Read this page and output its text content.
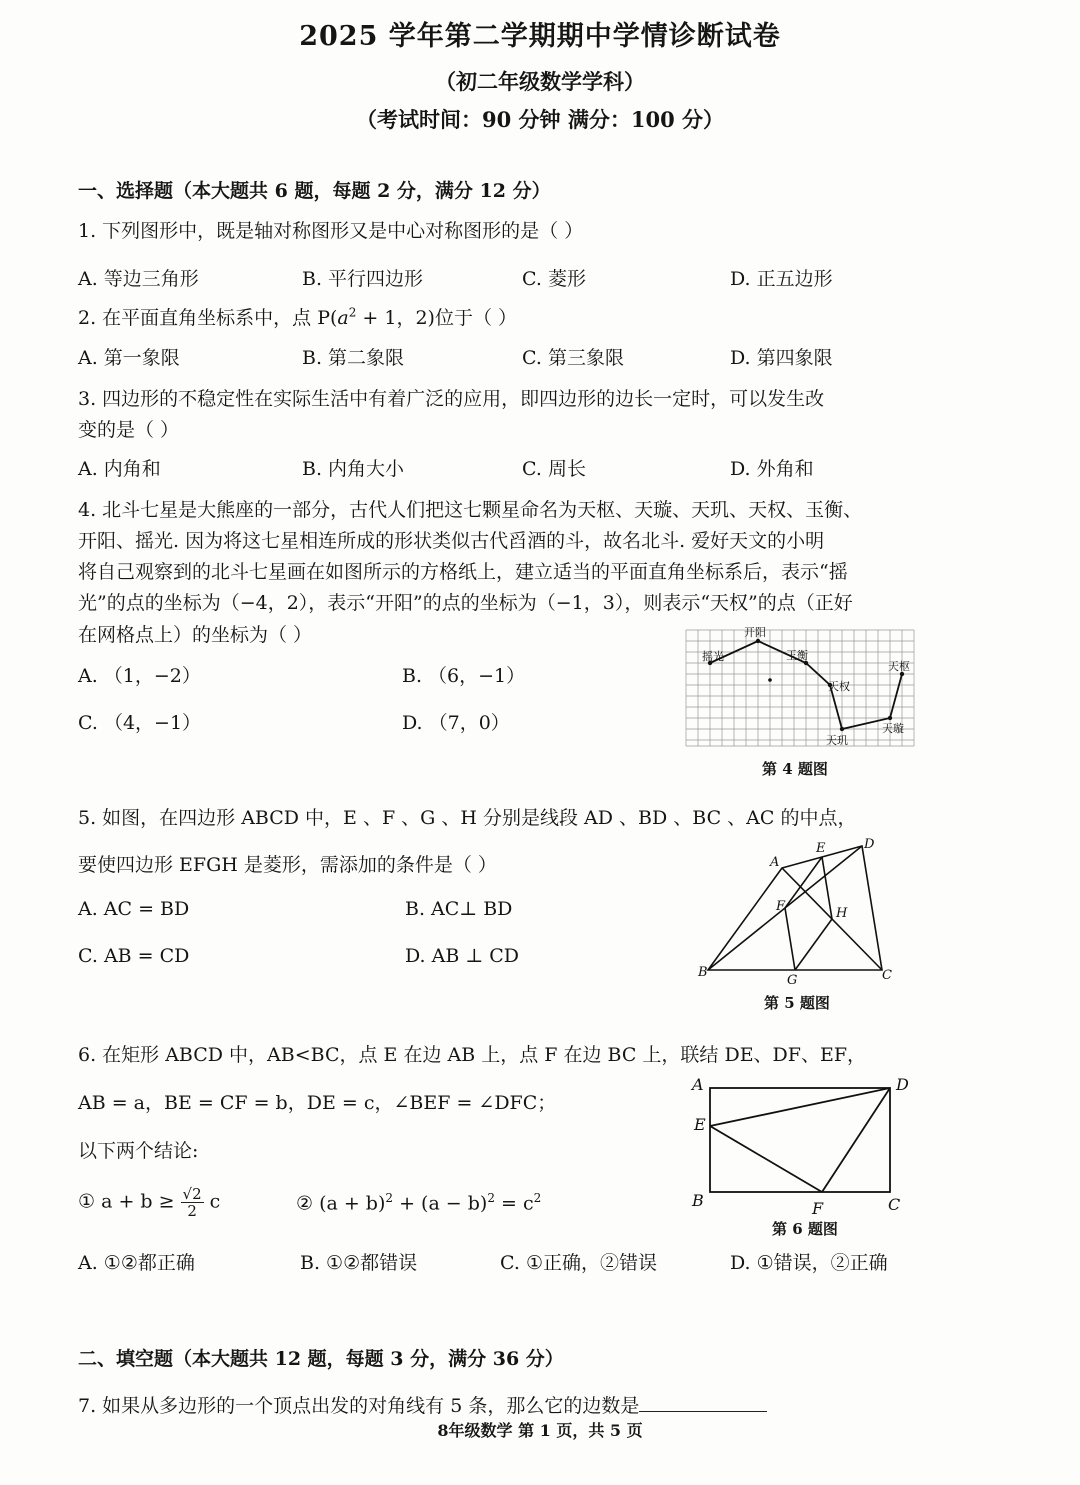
2025 学年第二学期期中学情诊断试卷
（初二年级数学学科）
（考试时间：90 分钟 满分：100 分）
一、选择题（本大题共 6 题，每题 2 分，满分 12 分）
1. 下列图形中，既是轴对称图形又是中心对称图形的是（ ）
A. 等边三角形	B. 平行四边形	C. 菱形	D. 正五边形
2. 在平面直角坐标系中，点 $P(a^2 + 1$，2)位于（ ）
A. 第一象限	B. 第二象限	C. 第三象限	D. 第四象限
3. 四边形的不稳定性在实际生活中有着广泛的应用，即四边形的边长一定时，可以发生改
变的是（ ）
A. 内角和	B. 内角大小	C. 周长	D. 外角和
4. 北斗七星是大熊座的一部分，古代人们把这七颗星命名为天枢、天璇、天玑、天权、玉衡、
开阳、摇光. 因为将这七星相连所成的形状类似古代舀酒的斗，故名北斗. 爱好天文的小明
将自己观察到的北斗七星画在如图所示的方格纸上，建立适当的平面直角坐标系后，表示“摇
光”的点的坐标为（−4，2），表示“开阳”的点的坐标为（−1，3），则表示“天权”的点（正好
在网格点上）的坐标为（ ）
A. （1，−2）	B. （6，−1）
C. （4，−1）	D. （7，0）
开阳
摇光	玉衡
天枢
天权
天玑
天璇
第 4 题图
5. 如图，在四边形 ABCD 中，E 、F 、G 、H 分别是线段 AD 、BD 、BC 、AC 的中点，
要使四边形 EFGH 是菱形，需添加的条件是（ ）
A. AC = BD	B. AC⊥ BD
C. AB = CD	D. AB ⊥ CD
A
B	C
D
E
F
G
H
第 5 题图
6. 在矩形 ABCD 中，AB<BC，点 E 在边 AB 上，点 F 在边 BC 上，联结 DE、DF、EF，
AB = a，BE = CF = b，DE = c，∠BEF = ∠DFC；
以下两个结论:
① $a + b \ge \frac{√2}{2}$ c	② $(a + b)^2 + (a - b)^2 = c^2$
A. ①②都正确	B. ①②都错误	C. ①正确，②错误	D. ①错误，②正确
A
B	C
D
E
F
第 6 题图
二、填空题（本大题共 12 题，每题 3 分，满分 36 分）
7. 如果从多边形的一个顶点出发的对角线有 5 条，那么它的边数是
8年级数学 第 1 页，共 5 页
